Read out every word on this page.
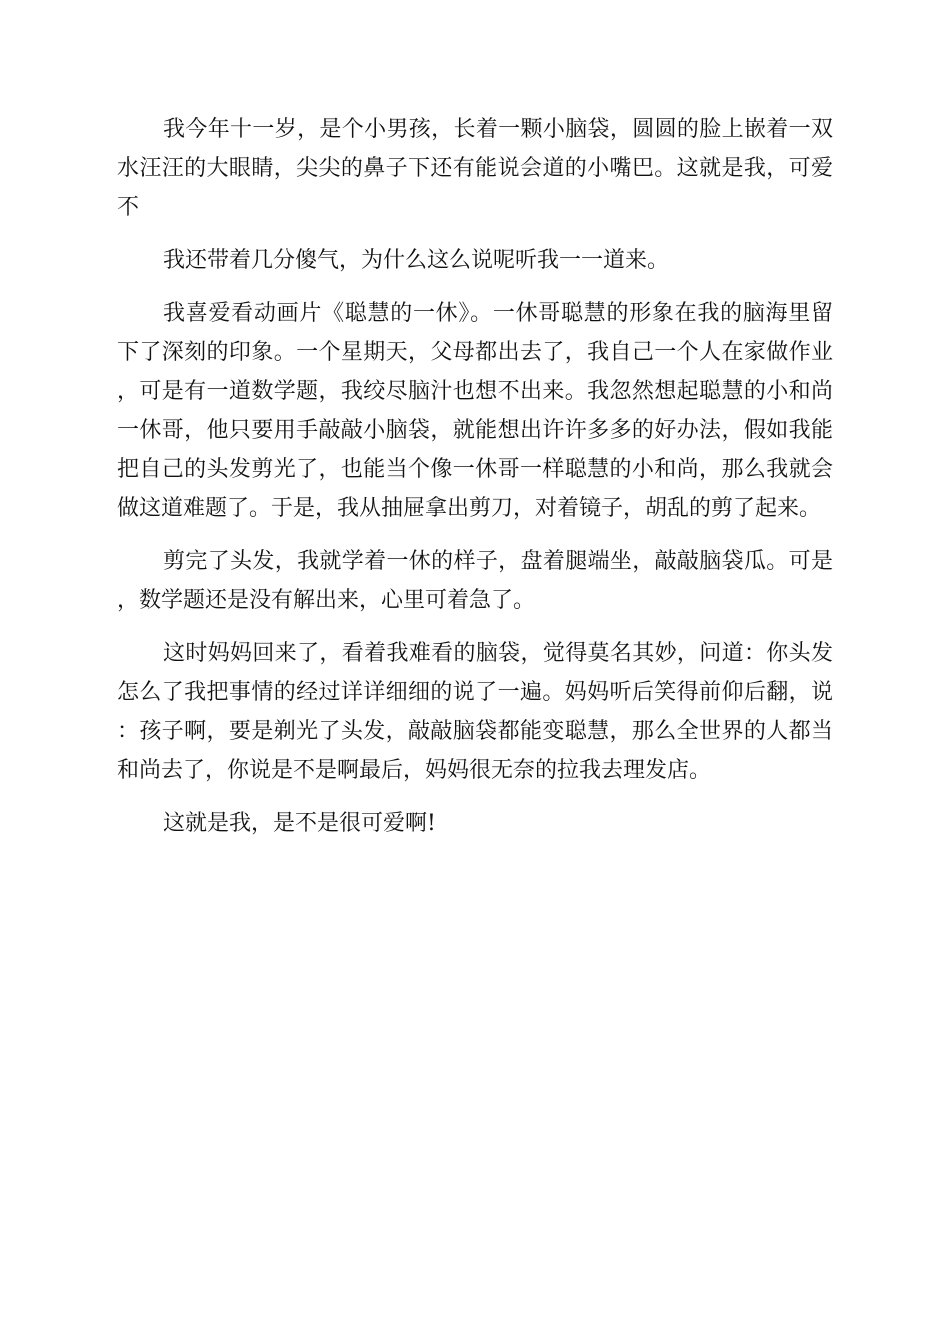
我今年十一岁，是个小男孩，长着一颗小脑袋，圆圆的脸上嵌着一双水汪汪的大眼睛，尖尖的鼻子下还有能说会道的小嘴巴。这就是我，可爱不

我还带着几分傻气，为什么这么说呢听我一一道来。

我喜爱看动画片《聪慧的一休》。一休哥聪慧的形象在我的脑海里留下了深刻的印象。一个星期天，父母都出去了，我自己一个人在家做作业，可是有一道数学题，我绞尽脑汁也想不出来。我忽然想起聪慧的小和尚一休哥，他只要用手敲敲小脑袋，就能想出许许多多的好办法，假如我能把自己的头发剪光了，也能当个像一休哥一样聪慧的小和尚，那么我就会做这道难题了。于是，我从抽屉拿出剪刀，对着镜子，胡乱的剪了起来。

剪完了头发，我就学着一休的样子，盘着腿端坐，敲敲脑袋瓜。可是，数学题还是没有解出来，心里可着急了。

这时妈妈回来了，看着我难看的脑袋，觉得莫名其妙，问道：你头发怎么了我把事情的经过详详细细的说了一遍。妈妈听后笑得前仰后翻，说：孩子啊，要是剃光了头发，敲敲脑袋都能变聪慧，那么全世界的人都当和尚去了，你说是不是啊最后，妈妈很无奈的拉我去理发店。

这就是我，是不是很可爱啊!
